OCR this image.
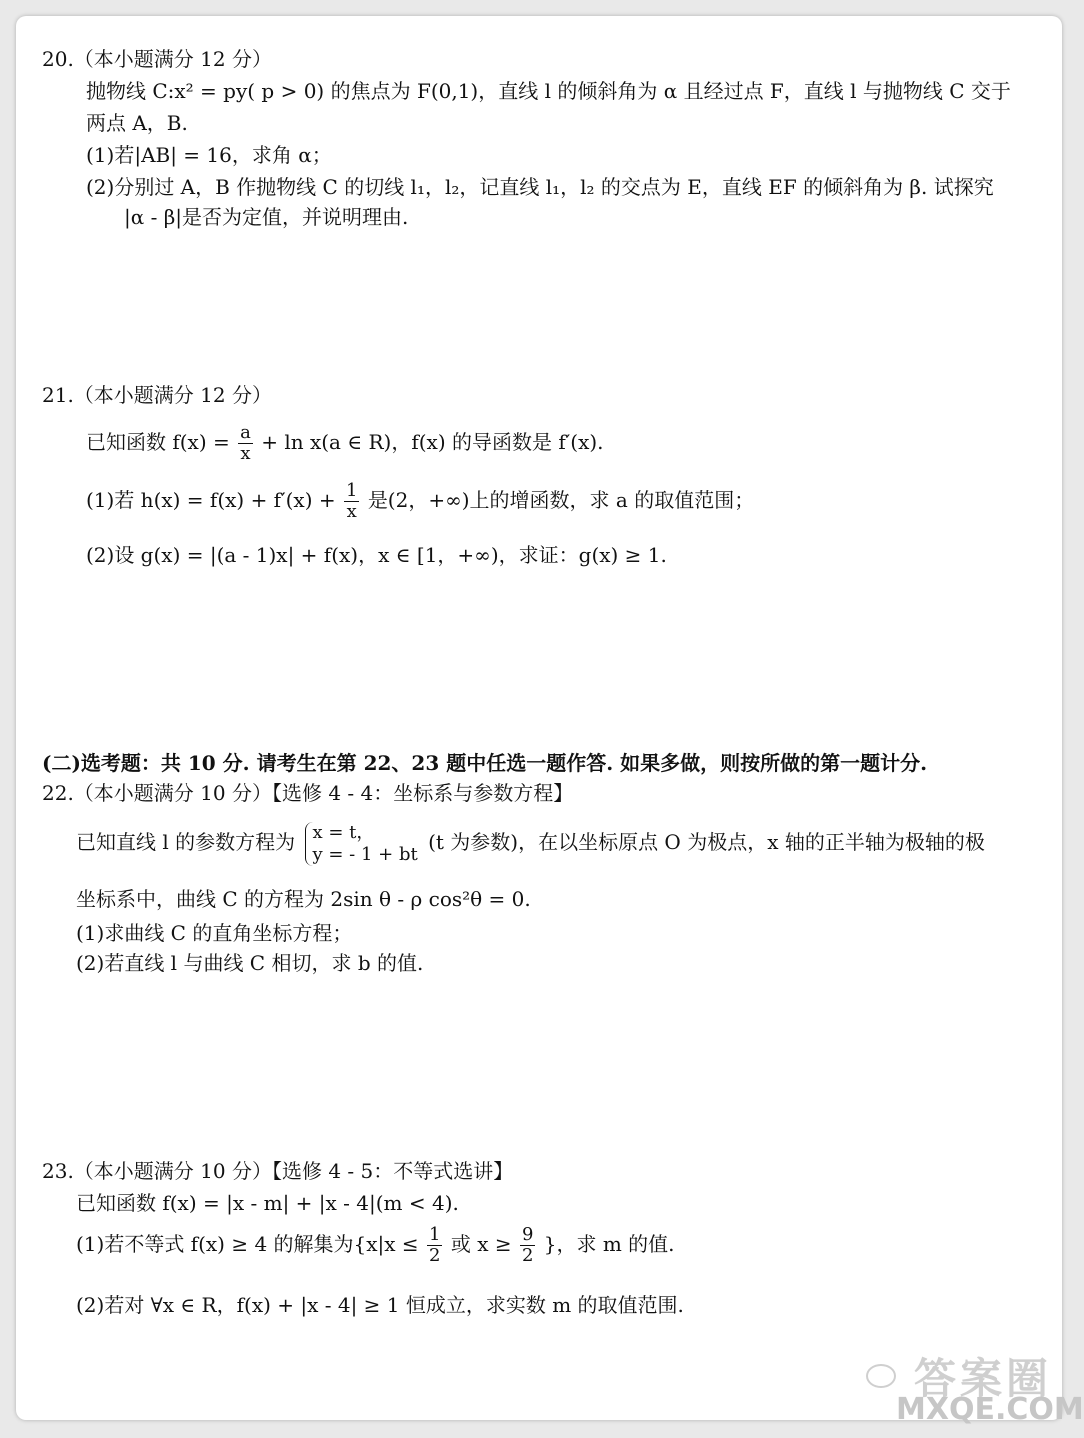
20.（本小题满分 12 分）
抛物线 C:x² = py( p > 0) 的焦点为 F(0,1)，直线 l 的倾斜角为 α 且经过点 F，直线 l 与抛物线 C 交于
两点 A，B.
(1)若|AB| = 16，求角 α；
(2)分别过 A，B 作抛物线 C 的切线 l₁，l₂，记直线 l₁，l₂ 的交点为 E，直线 EF 的倾斜角为 β. 试探究
|α - β|是否为定值，并说明理由.
21.（本小题满分 12 分）
已知函数 $f(x) = \frac{a}{x} + \ln x(a$ ∈ R)，f(x) 的导函数是 f′(x).
(1)若 $h(x) = f(x) + f'(x) + \frac{1}{x}$ 是(2，+∞)上的增函数，求 a 的取值范围；
(2)设 g(x) = |(a - 1)x| + f(x)，x ∈ [1，+∞)，求证：g(x) ≥ 1.
(二)选考题：共 10 分. 请考生在第 22、23 题中任选一题作答. 如果多做，则按所做的第一题计分.
22.（本小题满分 10 分）【选修 4 - 4：坐标系与参数方程】
已知直线 l 的参数方程为 x = t，
y = - 1 + bt (t 为参数)，在以坐标原点 O 为极点，x 轴的正半轴为极轴的极
坐标系中，曲线 C 的方程为 2sin θ - ρ cos²θ = 0.
(1)求曲线 C 的直角坐标方程；
(2)若直线 l 与曲线 C 相切，求 b 的值.
23.（本小题满分 10 分）【选修 4 - 5：不等式选讲】
已知函数 f(x) = |x - m| + |x - 4|(m < 4).
(1)若不等式 f(x) ≥ 4 的解集为{$x|x \le \frac{1}{2}$ 或 $x \ge \frac{9}{2}$ }，求 m 的值.
(2)若对 ∀x ∈ R，f(x) + |x - 4| ≥ 1 恒成立，求实数 m 的取值范围.
答案圈
MXQE.COM
